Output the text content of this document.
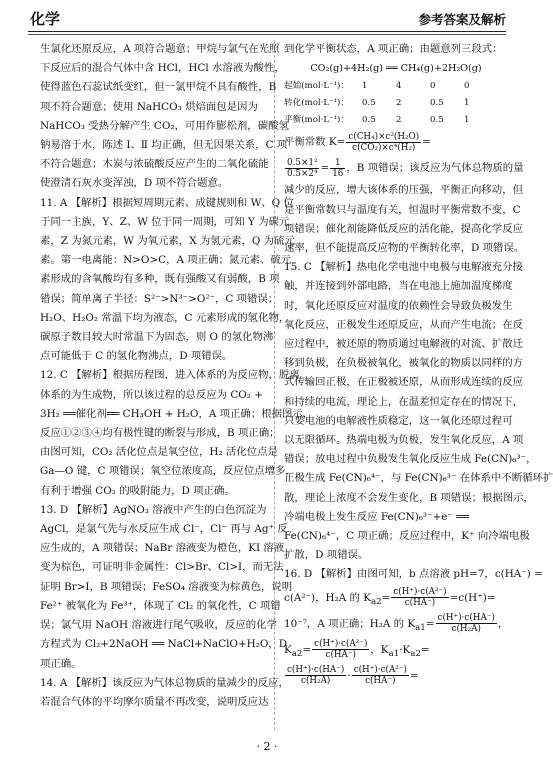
化学	参考答案及解析
生氯化还原反应，A 项符合题意；甲烷与氯气在光照
下反应后的混合气体中含 HCl，HCl 水溶液为酸性，
使得蓝色石蕊试纸变红，但一氯甲烷不具有酸性，B
项不符合题意；使用 NaHCO₃ 烘焙面包是因为
NaHCO₃ 受热分解产生 CO₂，可用作膨松剂，碳酸氢
钠易溶于水，陈述 Ⅰ、Ⅱ 均正确，但无因果关系，C 项
不符合题意；木炭与浓硫酸反应产生的二氧化硫能
使澄清石灰水变浑浊，D 项不符合题意。
11. A 【解析】根据短周期元素、成键规则和 W、Q 位
于同一主族，Y、Z、W 位于同一周期，可知 Y 为碳元
素，Z 为氮元素，W 为氧元素，X 为氢元素，Q 为硫元
素。第一电离能：N>O>C，A 项正确；氮元素、硫元
素形成的含氧酸均有多种，既有强酸又有弱酸，B 项
错误；简单离子半径：S²⁻>N³⁻>O²⁻，C 项错误；
H₂O、H₂O₂ 常温下均为液态，C 元素形成的氢化物，
碳原子数目较大时常温下为固态，则 O 的氢化物沸
点可能低于 C 的氢化物沸点，D 项错误。
12. C 【解析】根据历程图，进入体系的为反应物，脱离
体系的为生成物，所以该过程的总反应为 CO₂ +
3H₂ ══催化剂══ CH₃OH + H₂O，A 项正确；根据图示，
反应①②③④均有极性键的断裂与形成，B 项正确；
由图可知，CO₂ 活化位点是氧空位，H₂ 活化位点是
Ga—O 键，C 项错误；氧空位浓度高，反应位点增多，
有利于增强 CO₂ 的吸附能力，D 项正确。
13. D 【解析】AgNO₃ 溶液中产生的白色沉淀为
AgCl，是氯气先与水反应生成 Cl⁻，Cl⁻ 再与 Ag⁺ 反
应生成的，A 项错误；NaBr 溶液变为橙色，KI 溶液
变为棕色，可证明非金属性：Cl>Br、Cl>I，而无法
证明 Br>I，B 项错误；FeSO₄ 溶液变为棕黄色，说明
Fe²⁺ 被氧化为 Fe³⁺，体现了 Cl₂ 的氧化性，C 项错
误；氯气用 NaOH 溶液进行尾气吸收，反应的化学
方程式为 Cl₂+2NaOH ══ NaCl+NaClO+H₂O，D
项正确。
14. A 【解析】该反应为气体总物质的量减少的反应，
若混合气体的平均摩尔质量不再改变，说明反应达
到化学平衡状态，A 项正确；由题意列三段式：
CO₂(g)+4H₂(g) ══ CH₄(g)+2H₂O(g)
起始(mol·L⁻¹)： 1	4	0	0
转化(mol·L⁻¹)： 0.5 2	0.5 1
平衡(mol·L⁻¹)： 0.5 2	0.5 1
平衡常数 $K= \frac{\text{c(CH₄)×c²(H₂O)}}{\text{c(CO₂)×c⁴(H₂)}}$ =
$\frac{\text{0.5×1²}}{\text{0.5×2⁴}} = \frac{1}{16}$ ，B 项错误；该反应为气体总物质的量
减少的反应，增大该体系的压强，平衡正向移动，但
是平衡常数只与温度有关，恒温时平衡常数不变，C
项错误；催化剂能降低反应的活化能，提高化学反应
速率，但不能提高反应物的平衡转化率，D 项错误。
15. C 【解析】热电化学电池中电极与电解液充分接
触，并连接到外部电路，当在电池上施加温度梯度
时，氧化还原反应对温度的依赖性会导致负极发生
氧化反应，正极发生还原反应，从而产生电流；在反
应过程中，被还原的物质通过电解液的对流、扩散迁
移到负极，在负极被氧化，被氧化的物质以同样的方
式传输回正极，在正极被还原，从而形成连续的反应
和持续的电流，理论上，在温差恒定存在的情况下，
只要电池的电解液性质稳定，这一氧化还原过程可
以无限循环。热端电极为负极，发生氧化反应，A 项
错误；放电过程中负极发生氧化反应生成 Fe(CN)₆³⁻，
正极生成 Fe(CN)₆⁴⁻，与 Fe(CN)₆³⁻ 在体系中不断循环扩
散，理论上浓度不会发生变化，B 项错误；根据图示，
冷端电极上发生反应 Fe(CN)₆³⁻+e⁻ ══
Fe(CN)₆⁴⁻，C 项正确；反应过程中，K⁺ 向冷端电极
扩散，D 项错误。
16. D 【解析】由图可知，b 点溶液 pH=7，c(HA⁻) =
c(A²⁻)，H₂A 的 $K_{a2}= \frac{\text{c(H⁺)·c(A²⁻)}}{c(HA^-)} =c(H^+)=$
10⁻⁷，A 项正确；H₂A 的 $K_{a1}= \frac{c(H^+)\cdot c(HA^-)}{\text{c(H₂A)}}$ ，
$K_{a2}= \frac{\text{c(H⁺)·c(A²⁻)}}{c(HA^-)}$ ，$K_{a1}\cdot K_{a2}=$
$\frac{c(H^+)\cdot c(HA^-)}{\text{c(H₂A)}} \cdot \frac{\text{c(H⁺)·c(A²⁻)}}{c(HA^-)}$ =
· 2 ·
